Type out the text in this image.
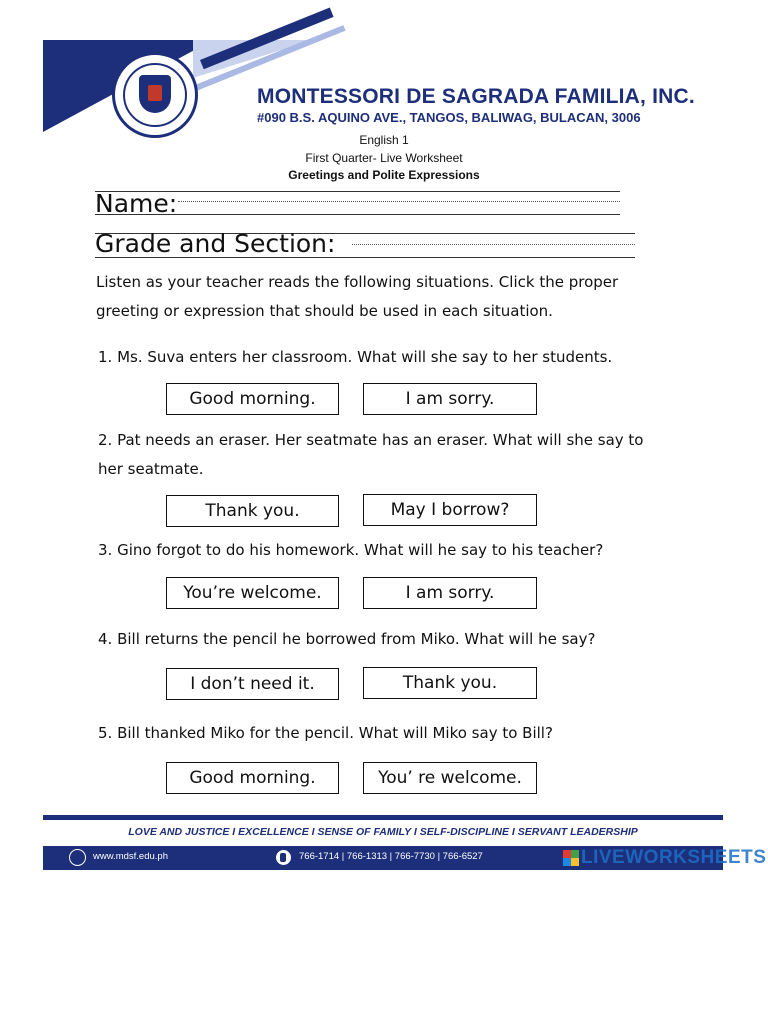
MONTESSORI DE SAGRADA FAMILIA, INC.
#090 B.S. AQUINO AVE., TANGOS, BALIWAG, BULACAN, 3006
English 1
First Quarter- Live Worksheet
Greetings and Polite Expressions
Name:
Grade and Section:
Listen as your teacher reads the following situations. Click the proper greeting or expression that should be used in each situation.
1. Ms. Suva enters her classroom. What will she say to her students.
Good morning.	I am sorry.
2. Pat needs an eraser. Her seatmate has an eraser. What will she say to
her seatmate.
Thank you.	May I borrow?
3. Gino forgot to do his homework. What will he say to his teacher?
You’re welcome.	I am sorry.
4. Bill returns the pencil he borrowed from Miko. What will he say?
I don’t need it.	Thank you.
5. Bill thanked Miko for the pencil. What will Miko say to Bill?
Good morning.	You’ re welcome.
LOVE AND JUSTICE I EXCELLENCE I SENSE OF FAMILY I SELF-DISCIPLINE I SERVANT LEADERSHIP
www.mdsf.edu.ph	766-1714 | 766-1313 | 766-7730 | 766-6527	LIVEWORKSHEETS
